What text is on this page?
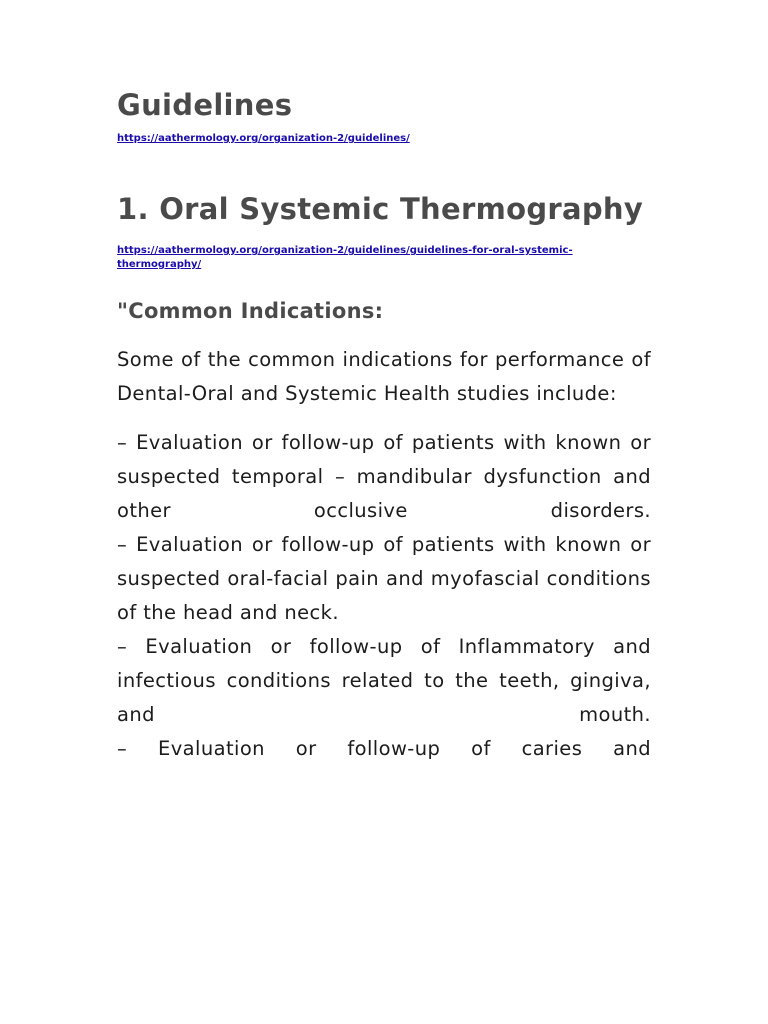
Guidelines
https://aathermology.org/organization-2/guidelines/
1. Oral Systemic Thermography
https://aathermology.org/organization-2/guidelines/guidelines-for-oral-systemic-thermography/
"Common Indications:

Some of the common indications for performance of Dental-Oral and Systemic Health studies include:

– Evaluation or follow-up of patients with known or suspected temporal – mandibular dysfunction and other occlusive disorders.

– Evaluation or follow-up of patients with known or suspected oral-facial pain and myofascial conditions of the head and neck.

– Evaluation or follow-up of Inflammatory and infectious conditions related to the teeth, gingiva, and mouth.

– Evaluation or follow-up of caries and
